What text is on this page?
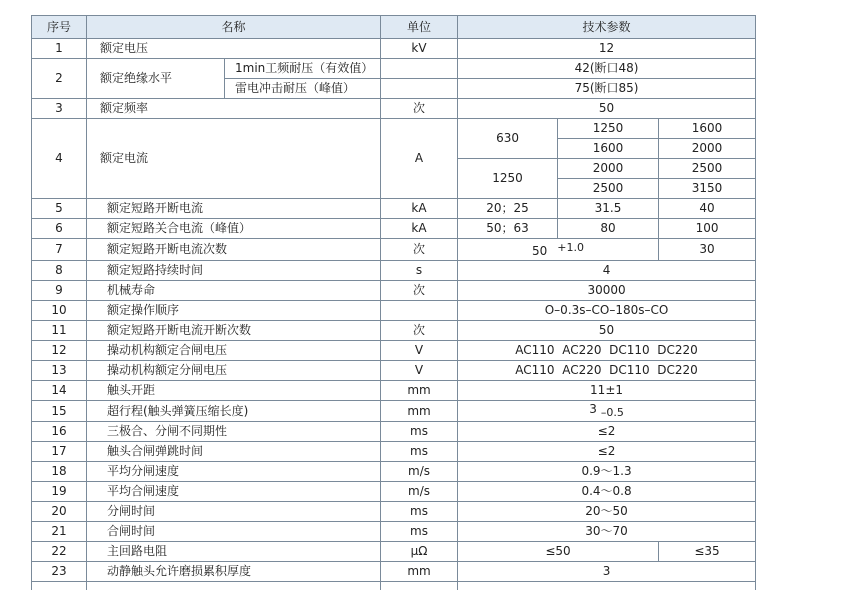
序号	名称		单位	技术参数		
1	额定电压		kV	12		
2	额定绝缘水平	1min工频耐压（有效值）		42(断口48)		
		雷电冲击耐压（峰值）		75(断口85)		
3	额定频率		次	50		
4	额定电流		A	630	1250	1600
					1600	2000
				1250	2000	2500
					2500	3150
5	额定短路开断电流		kA	20；25	31.5	40
6	额定短路关合电流（峰值）		kA	50；63	80	100
7	额定短路开断电流次数		次	50 $^{+1.0}$		30
8	额定短路持续时间		s	4		
9	机械寿命		次	30000		
10	额定操作顺序			O–0.3s–CO–180s–CO		
11	额定短路开断电流开断次数		次	50		
12	操动机构额定合闸电压		V	AC110  AC220  DC110  DC220		
13	操动机构额定分闸电压		V	AC110  AC220  DC110  DC220		
14	触头开距		mm	11±1		
15	超行程(触头弹簧压缩长度)		mm	3 $_{-0.5}$
16	三极合、分闸不同期性		ms	≤2		
17	触头合闸弹跳时间		ms	≤2		
18	平均分闸速度		m/s	0.9～1.3		
19	平均合闸速度		m/s	0.4～0.8		
20	分闸时间		ms	20～50		
21	合闸时间		ms	30～70		
22	主回路电阻		μΩ	≤50		≤35
23	动静触头允许磨损累积厚度		mm	3		
